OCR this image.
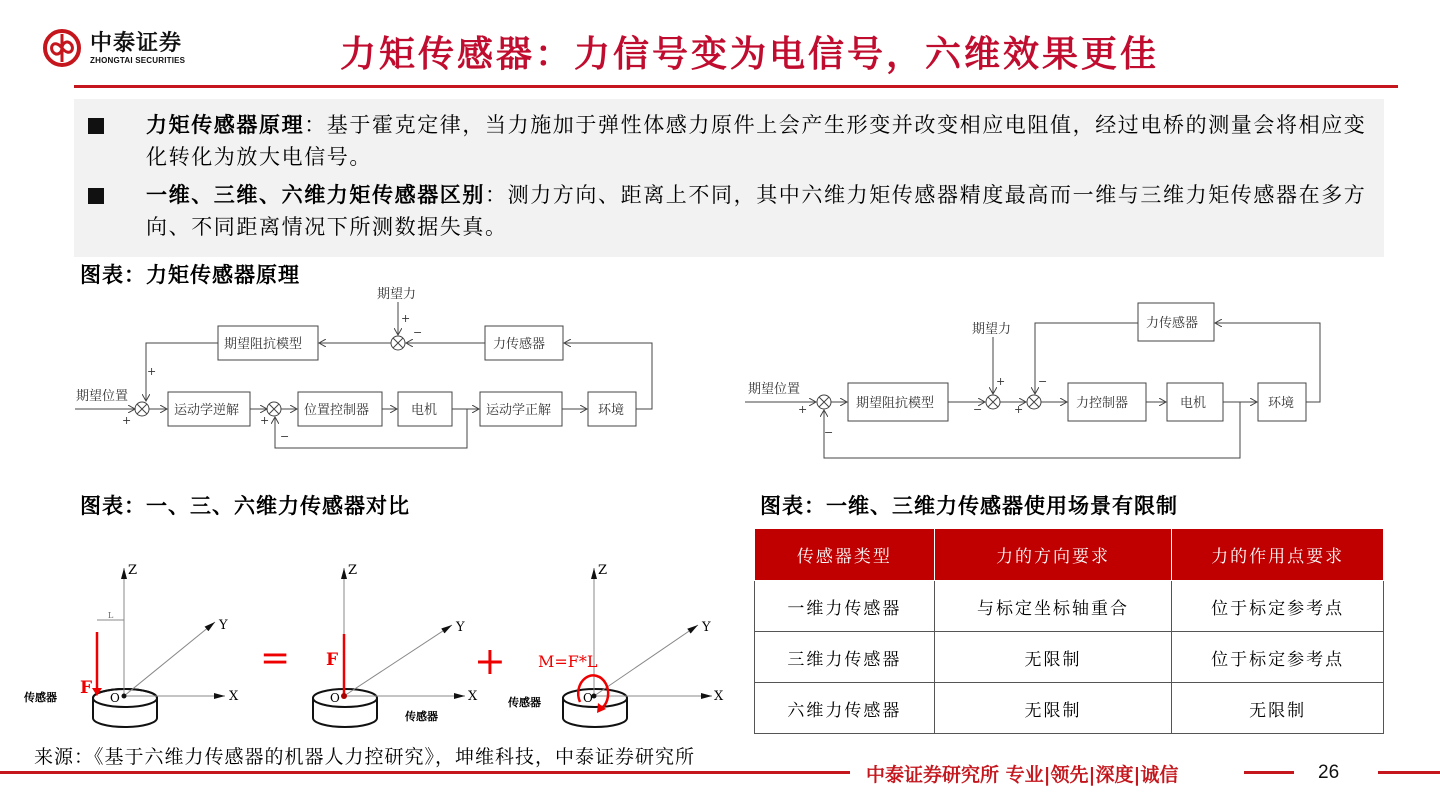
中泰证券
ZHONGTAI SECURITIES	力矩传感器：力信号变为电信号，六维效果更佳

力矩传感器原理：基于霍克定律，当力施加于弹性体感力原件上会产生形变并改变相应电阻值，经过电桥的测量会将相应变化转化为放大电信号。

一维、三维、六维力矩传感器区别：测力方向、距离上不同，其中六维力矩传感器精度最高而一维与三维力矩传感器在多方向、不同距离情况下所测数据失真。

图表：力矩传感器原理
期望阻抗模型	力传感器
运动学逆解	位置控制器	电机	运动学正解	环境
期望位置
期望力
+
+	+
−
+
−
期望阻抗模型
力传感器
力控制器	电机	环境
期望位置
期望力
+
−
+
−	+
−
图表：一、三、六维力传感器对比
L
Z
Y
X
O
F
传感器
=
Z
Y
X
O
F
传感器
+
Z
Y
X
O
M=F*L
传感器
图表：一维、三维力传感器使用场景有限制
传感器类型	力的方向要求	力的作用点要求
一维力传感器	与标定坐标轴重合	位于标定参考点
三维力传感器	无限制	位于标定参考点
六维力传感器	无限制	无限制
来源：《基于六维力传感器的机器人力控研究》，坤维科技，中泰证券研究所
中泰证券研究所 专业|领先|深度|诚信	26
